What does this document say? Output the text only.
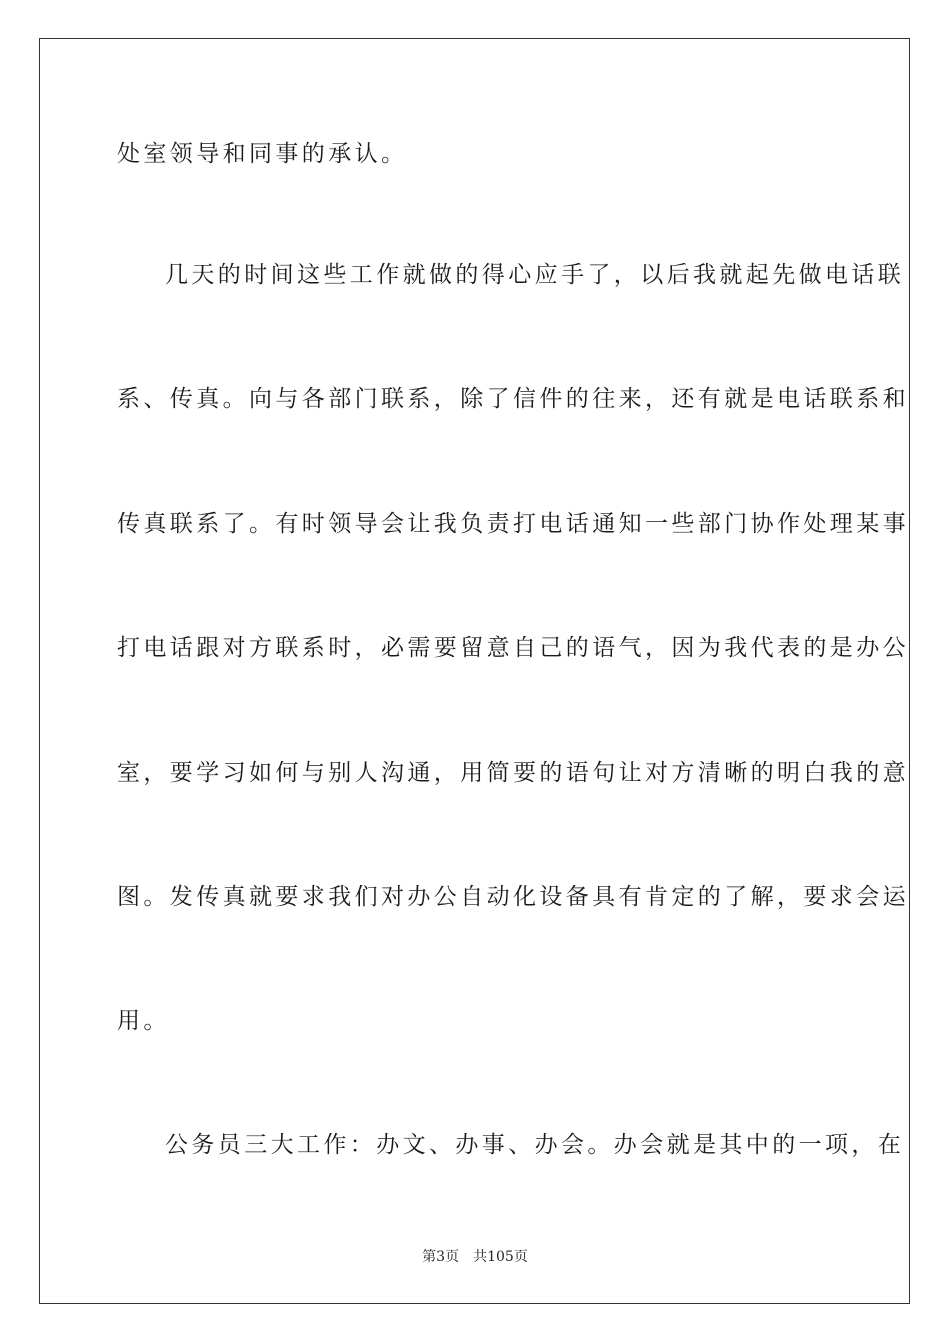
处室领导和同事的承认。
几天的时间这些工作就做的得心应手了，以后我就起先做电话联
系、传真。向与各部门联系，除了信件的往来，还有就是电话联系和
传真联系了。有时领导会让我负责打电话通知一些部门协作处理某事
打电话跟对方联系时，必需要留意自己的语气，因为我代表的是办公
室，要学习如何与别人沟通，用简要的语句让对方清晰的明白我的意
图。发传真就要求我们对办公自动化设备具有肯定的了解，要求会运
用。
公务员三大工作：办文、办事、办会。办会就是其中的一项，在
第3页 共105页
